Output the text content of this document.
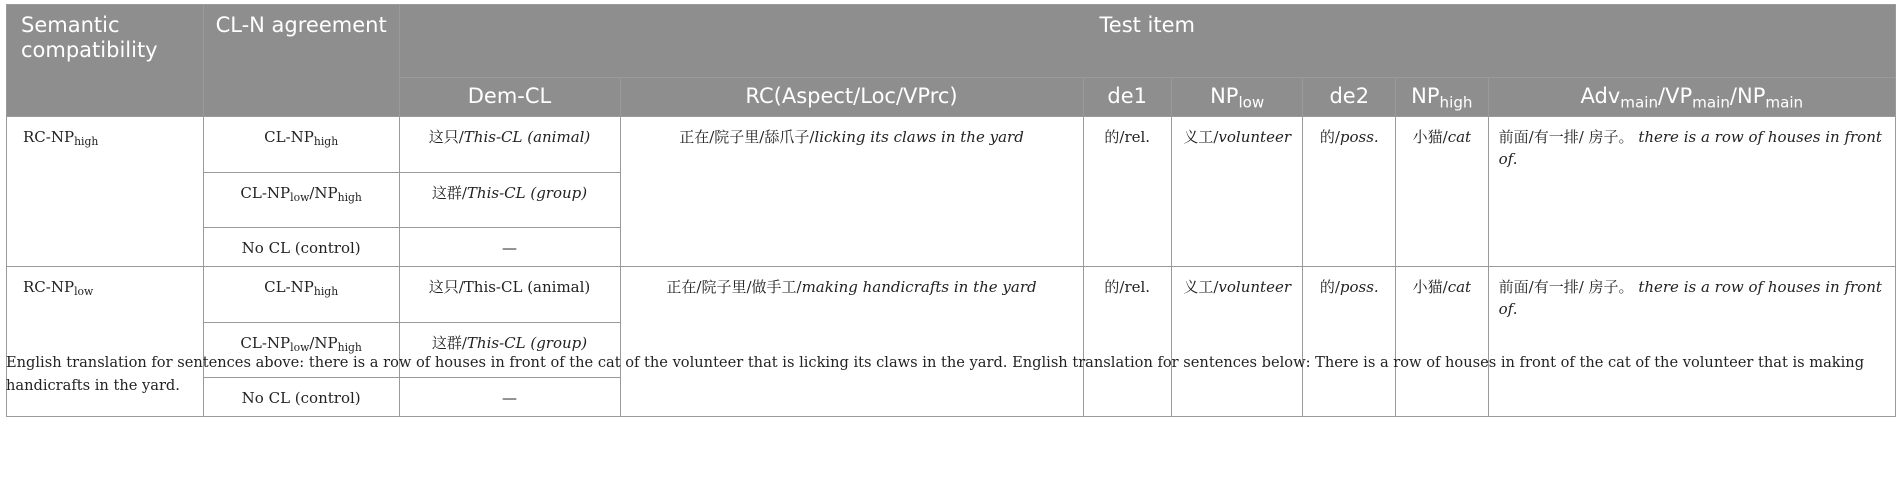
Semantic compatibility	CL-N agreement	Test item						
		Dem-CL	RC(Aspect/Loc/VPrc)	de1	$NP_{low}$	de2	$NP_{high}$	$Adv_{main}/VP_{main}/NP_{main}$
$RC-NP_{high}$	$CL-NP_{high}$	这只/This-CL (animal)	正在/院子里/舔爪子/licking its claws in the yard	的/rel.	义工/volunteer	的/poss.	小猫/cat	前面/有一排/ 房子。 there is a row of houses in front of.
	$CL-NP_{low}/NP_{high}$	这群/This-CL (group)						
	No CL (control)	—						
$RC-NP_{low}$	$CL-NP_{high}$	这只/This-CL (animal)	正在/院子里/做手工/making handicrafts in the yard	的/rel.	义工/volunteer	的/poss.	小猫/cat	前面/有一排/ 房子。 there is a row of houses in front of.
	$CL-NP_{low}/NP_{high}$	这群/This-CL (group)						
	No CL (control)	—						
English translation for sentences above: there is a row of houses in front of the cat of the volunteer that is licking its claws in the yard. English translation for sentences below: There is a row of houses in front of the cat of the volunteer that is making handicrafts in the yard.
